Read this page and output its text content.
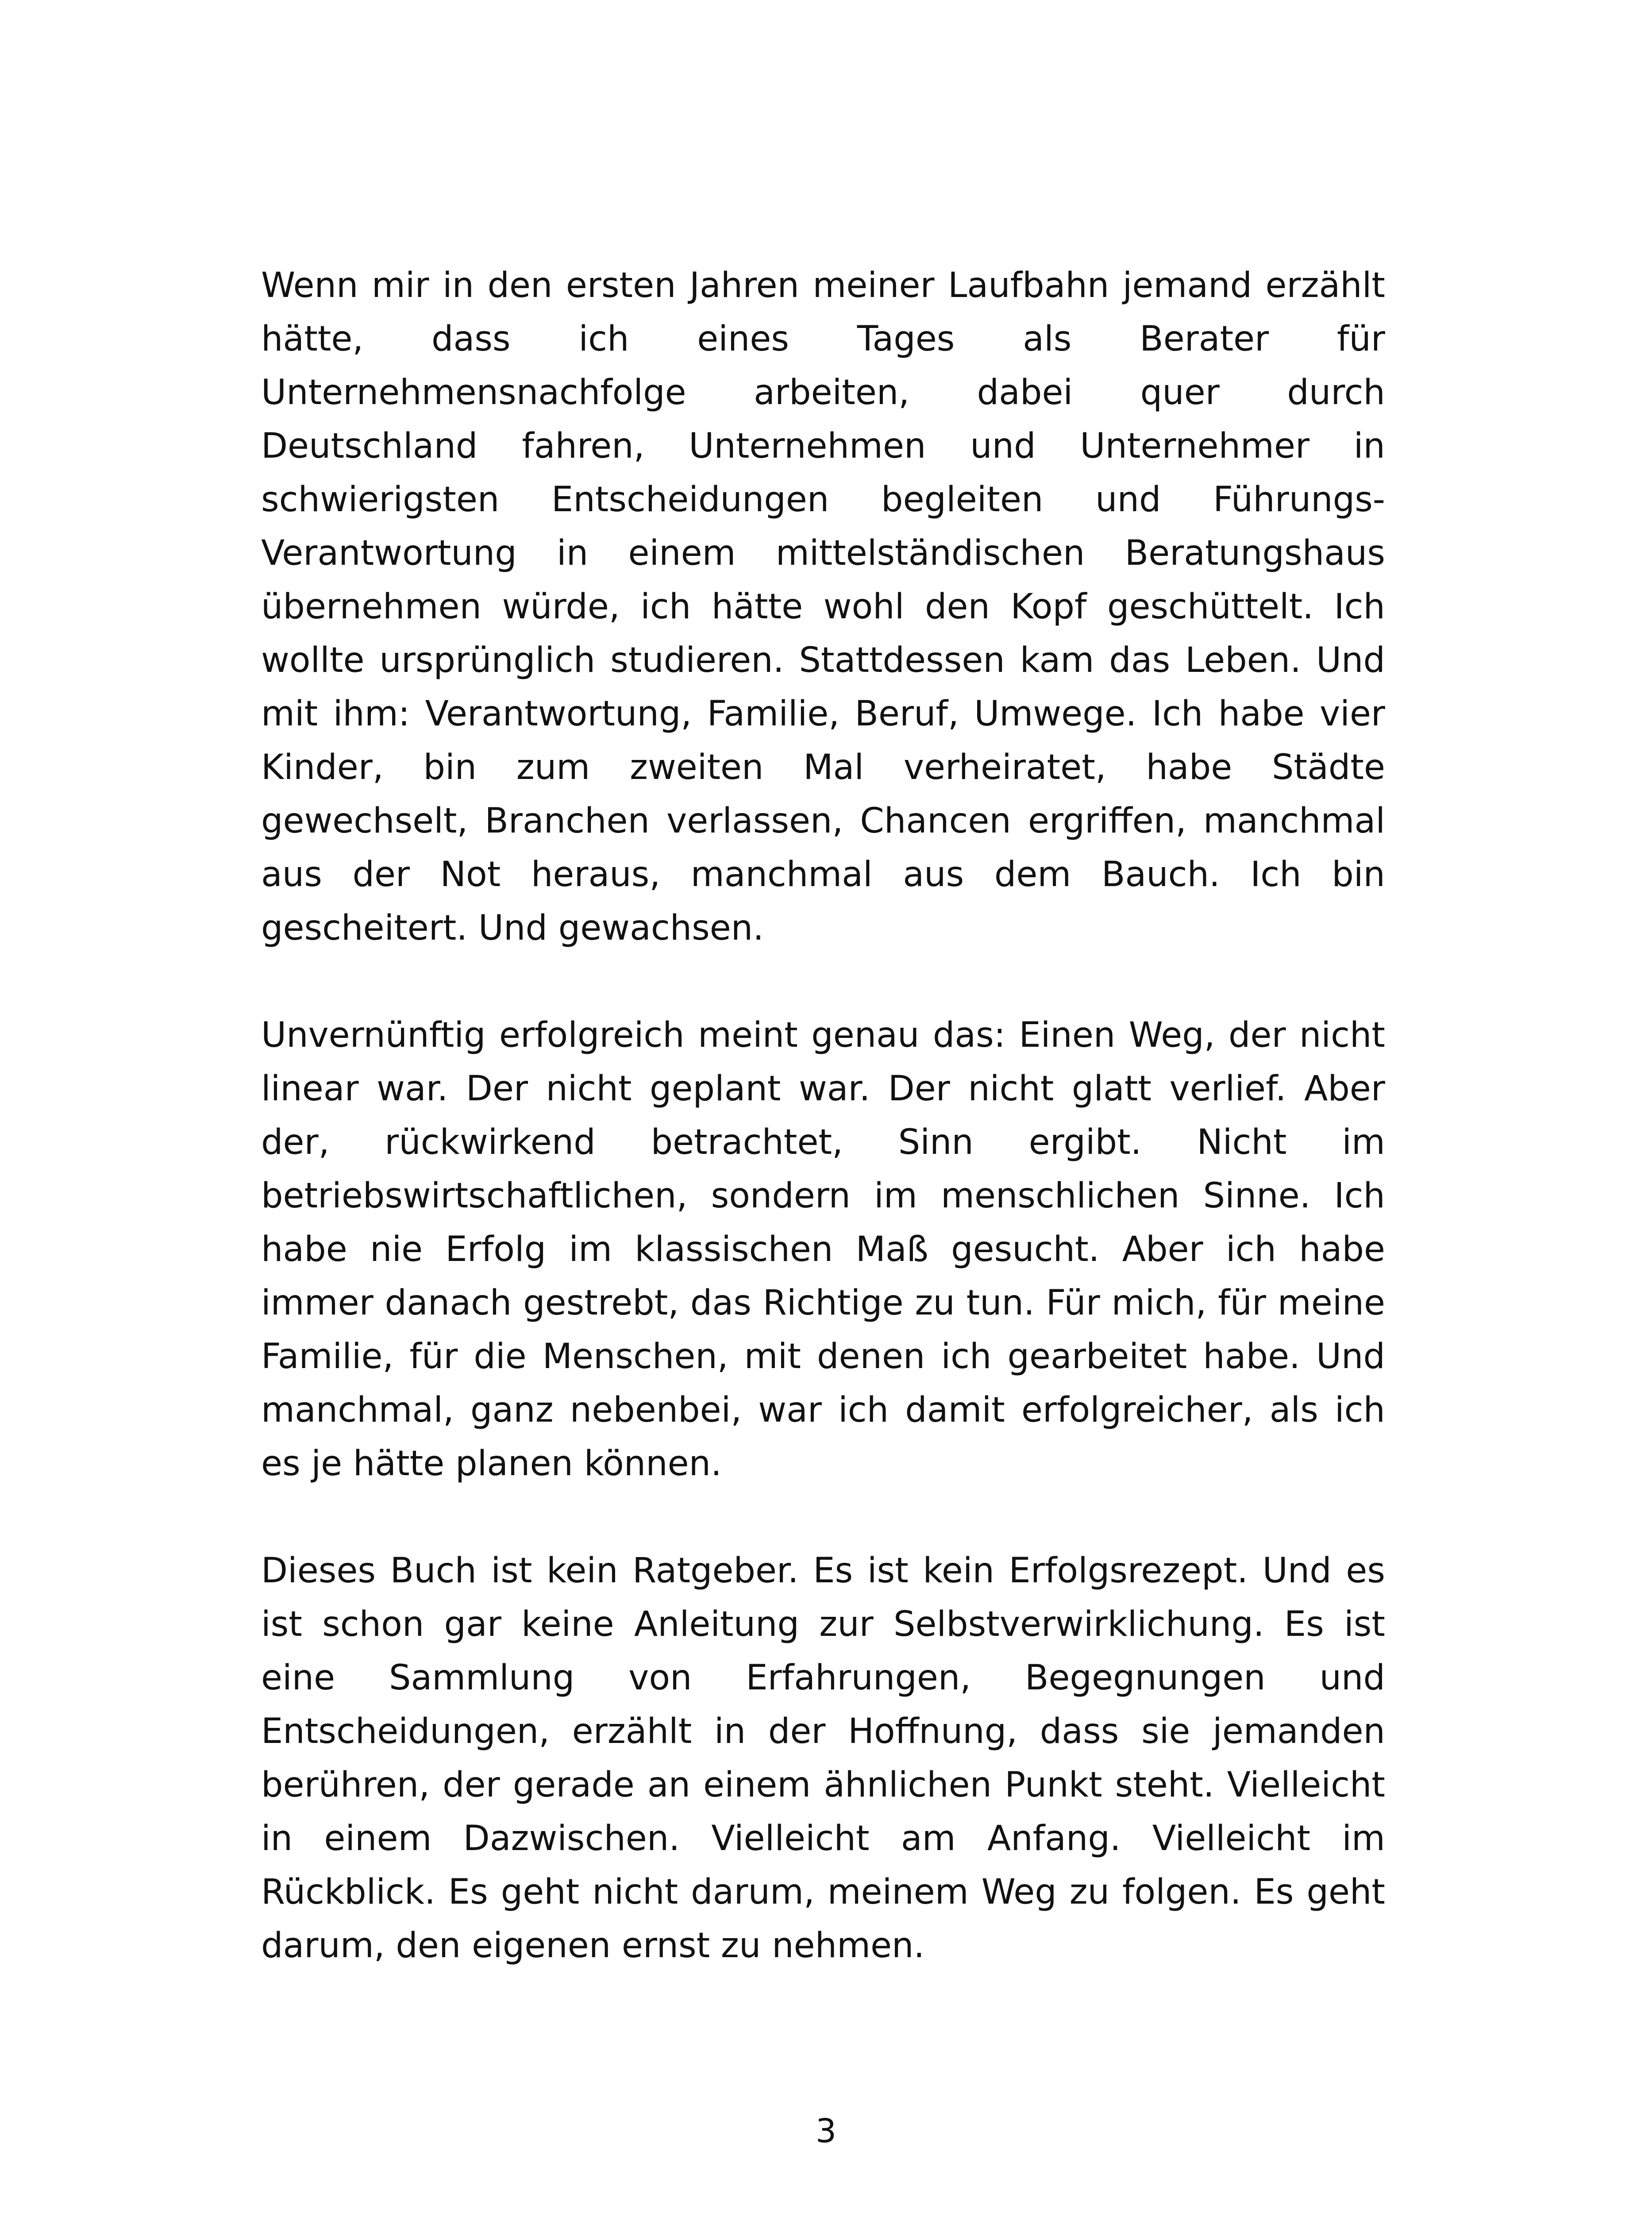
Wenn mir in den ersten Jahren meiner Laufbahn jemand erzählt hätte, dass ich eines Tages als Berater für Unternehmensnachfolge arbeiten, dabei quer durch Deutschland fahren, Unternehmen und Unternehmer in schwierigsten Entscheidungen begleiten und Führungs-Verantwortung in einem mittelständischen Beratungshaus übernehmen würde, ich hätte wohl den Kopf geschüttelt. Ich wollte ursprünglich studieren. Stattdessen kam das Leben. Und mit ihm: Verantwortung, Familie, Beruf, Umwege. Ich habe vier Kinder, bin zum zweiten Mal verheiratet, habe Städte gewechselt, Branchen verlassen, Chancen ergriffen, manchmal aus der Not heraus, manchmal aus dem Bauch. Ich bin gescheitert. Und gewachsen.

Unvernünftig erfolgreich meint genau das: Einen Weg, der nicht linear war. Der nicht geplant war. Der nicht glatt verlief. Aber der, rückwirkend betrachtet, Sinn ergibt. Nicht im betriebswirtschaftlichen, sondern im menschlichen Sinne. Ich habe nie Erfolg im klassischen Maß gesucht. Aber ich habe immer danach gestrebt, das Richtige zu tun. Für mich, für meine Familie, für die Menschen, mit denen ich gearbeitet habe. Und manchmal, ganz nebenbei, war ich damit erfolgreicher, als ich es je hätte planen können.

Dieses Buch ist kein Ratgeber. Es ist kein Erfolgsrezept. Und es ist schon gar keine Anleitung zur Selbstverwirklichung. Es ist eine Sammlung von Erfahrungen, Begegnungen und Entscheidungen, erzählt in der Hoffnung, dass sie jemanden berühren, der gerade an einem ähnlichen Punkt steht. Vielleicht in einem Dazwischen. Vielleicht am Anfang. Vielleicht im Rückblick. Es geht nicht darum, meinem Weg zu folgen. Es geht darum, den eigenen ernst zu nehmen.

3
